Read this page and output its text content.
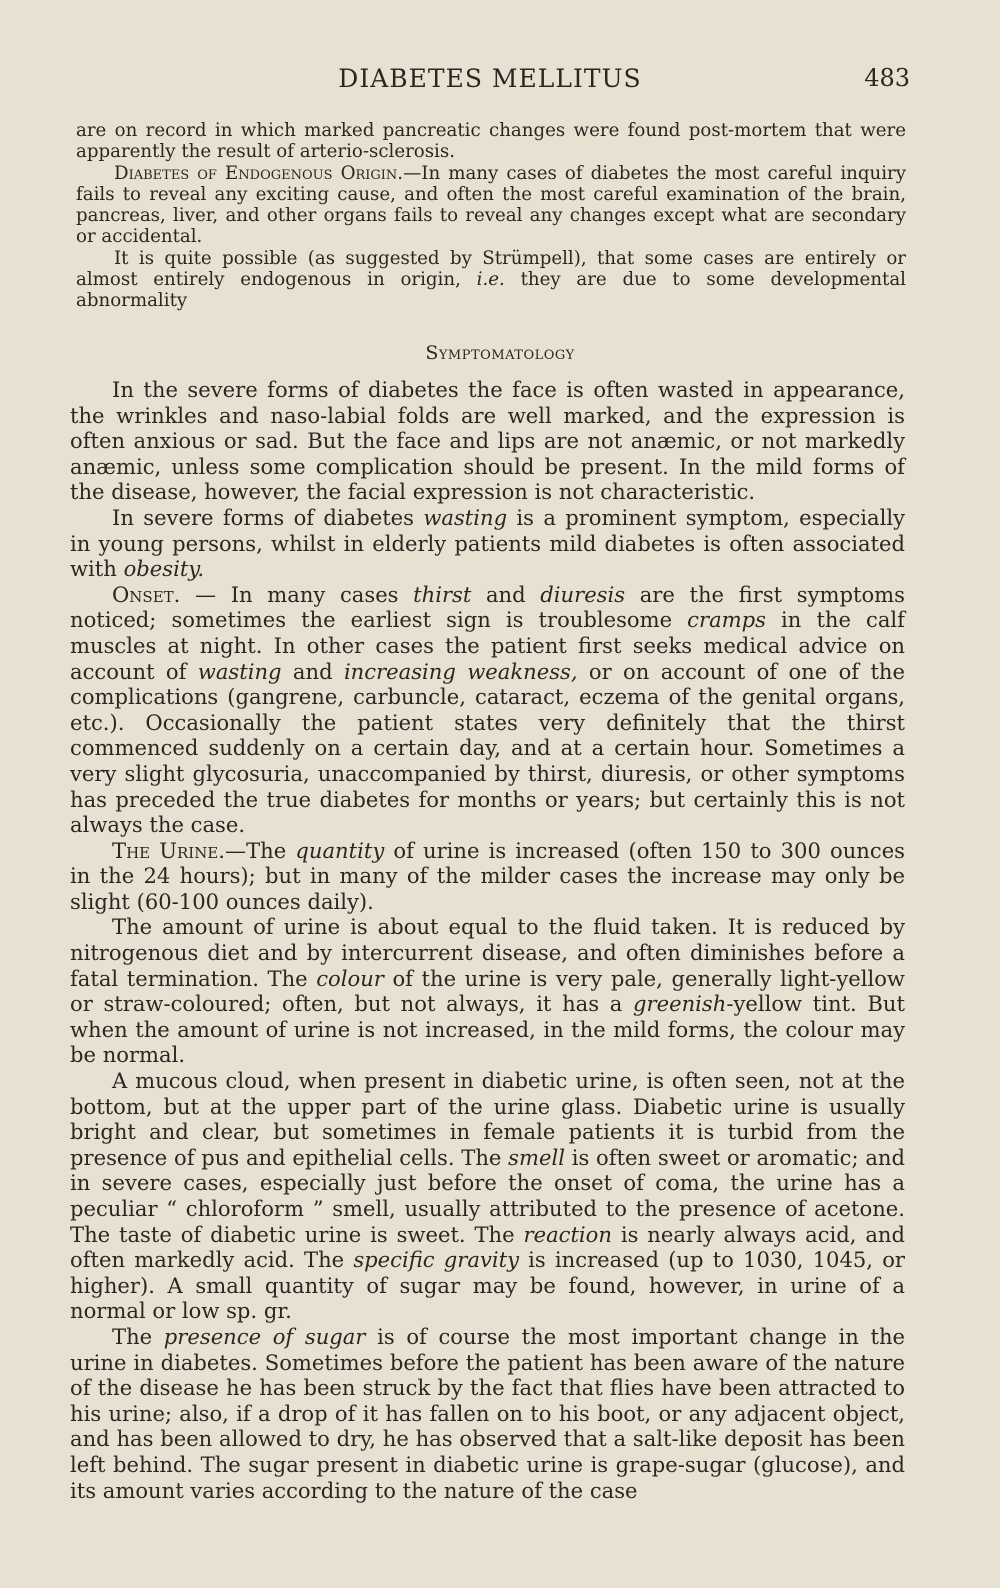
DIABETES MELLITUS	483

are on record in which marked pancreatic changes were found post-mortem that were apparently the result of arterio-sclerosis.

Diabetes of Endogenous Origin.—In many cases of diabetes the most careful inquiry fails to reveal any exciting cause, and often the most careful examination of the brain, pancreas, liver, and other organs fails to reveal any changes except what are secondary or accidental.

It is quite possible (as suggested by Strümpell), that some cases are entirely or almost entirely endogenous in origin, i.e. they are due to some developmental abnormality

Symptomatology

In the severe forms of diabetes the face is often wasted in appearance, the wrinkles and naso-labial folds are well marked, and the expression is often anxious or sad. But the face and lips are not anæmic, or not markedly anæmic, unless some complication should be present. In the mild forms of the disease, however, the facial expression is not characteristic.

In severe forms of diabetes wasting is a prominent symptom, especially in young persons, whilst in elderly patients mild diabetes is often associated with obesity.

Onset. — In many cases thirst and diuresis are the first symptoms noticed; sometimes the earliest sign is troublesome cramps in the calf muscles at night. In other cases the patient first seeks medical advice on account of wasting and increasing weakness, or on account of one of the complications (gangrene, carbuncle, cataract, eczema of the genital organs, etc.). Occasionally the patient states very definitely that the thirst commenced suddenly on a certain day, and at a certain hour. Sometimes a very slight glycosuria, unaccompanied by thirst, diuresis, or other symptoms has preceded the true diabetes for months or years; but certainly this is not always the case.

The Urine.—The quantity of urine is increased (often 150 to 300 ounces in the 24 hours); but in many of the milder cases the increase may only be slight (60-100 ounces daily).

The amount of urine is about equal to the fluid taken. It is reduced by nitrogenous diet and by intercurrent disease, and often diminishes before a fatal termination. The colour of the urine is very pale, generally light-yellow or straw-coloured; often, but not always, it has a greenish-yellow tint. But when the amount of urine is not increased, in the mild forms, the colour may be normal.

A mucous cloud, when present in diabetic urine, is often seen, not at the bottom, but at the upper part of the urine glass. Diabetic urine is usually bright and clear, but sometimes in female patients it is turbid from the presence of pus and epithelial cells. The smell is often sweet or aromatic; and in severe cases, especially just before the onset of coma, the urine has a peculiar “ chloroform ” smell, usually attributed to the presence of acetone. The taste of diabetic urine is sweet. The reaction is nearly always acid, and often markedly acid. The specific gravity is increased (up to 1030, 1045, or higher). A small quantity of sugar may be found, however, in urine of a normal or low sp. gr.

The presence of sugar is of course the most important change in the urine in diabetes. Sometimes before the patient has been aware of the nature of the disease he has been struck by the fact that flies have been attracted to his urine; also, if a drop of it has fallen on to his boot, or any adjacent object, and has been allowed to dry, he has observed that a salt-like deposit has been left behind. The sugar present in diabetic urine is grape-sugar (glucose), and its amount varies according to the nature of the case
